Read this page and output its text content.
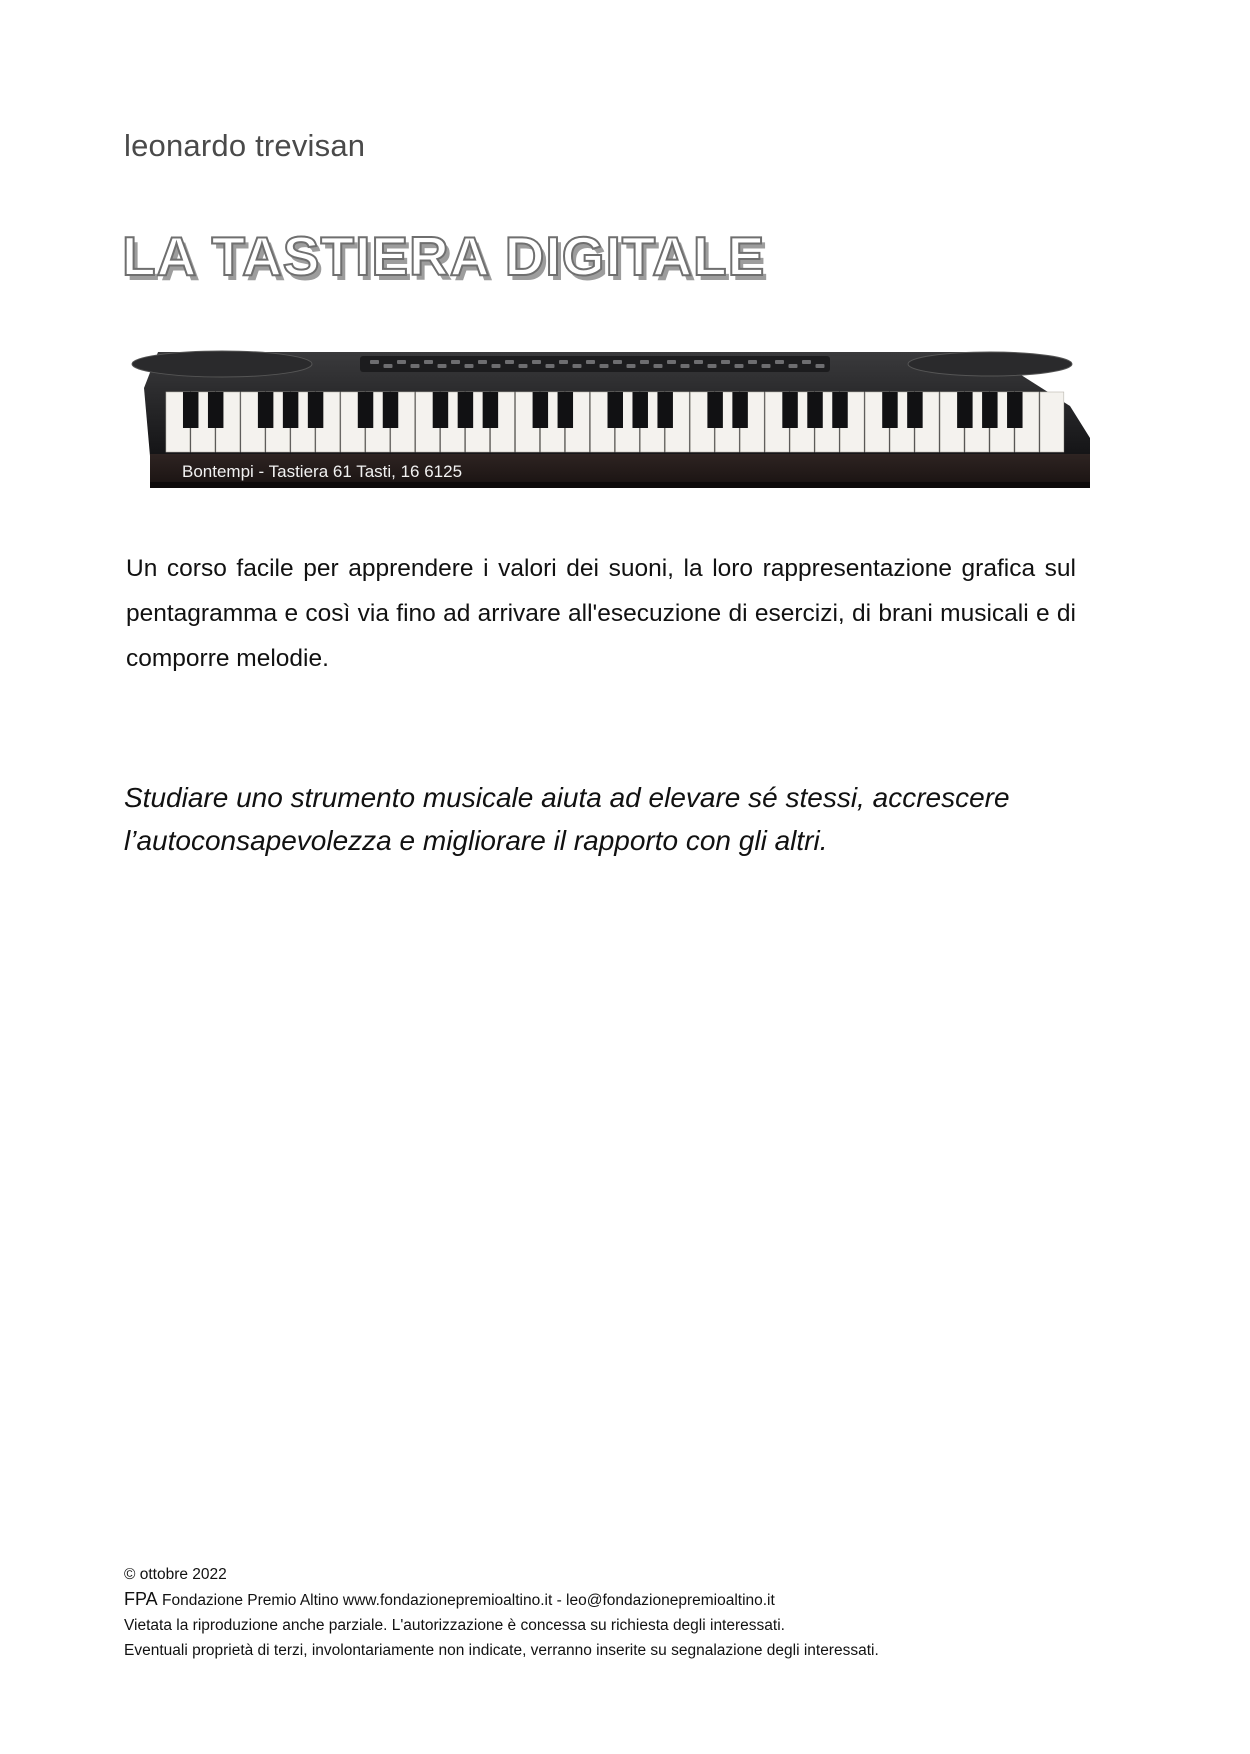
leonardo trevisan
LA TASTIERA DIGITALE
Bontempi - Tastiera 61 Tasti, 16 6125

Un corso facile per apprendere i valori dei suoni, la loro rappresentazione grafica sul pentagramma e così via fino ad arrivare all'esecuzione di esercizi, di brani musicali e di comporre melodie.

Studiare uno strumento musicale aiuta ad elevare sé stessi, accrescere l’autoconsapevolezza e migliorare il rapporto con gli altri.

© ottobre 2022
FPA Fondazione Premio Altino www.fondazionepremioaltino.it - leo@fondazionepremioaltino.it
Vietata la riproduzione anche parziale. L'autorizzazione è concessa su richiesta degli interessati.
Eventuali proprietà di terzi, involontariamente non indicate, verranno inserite su segnalazione degli interessati.
